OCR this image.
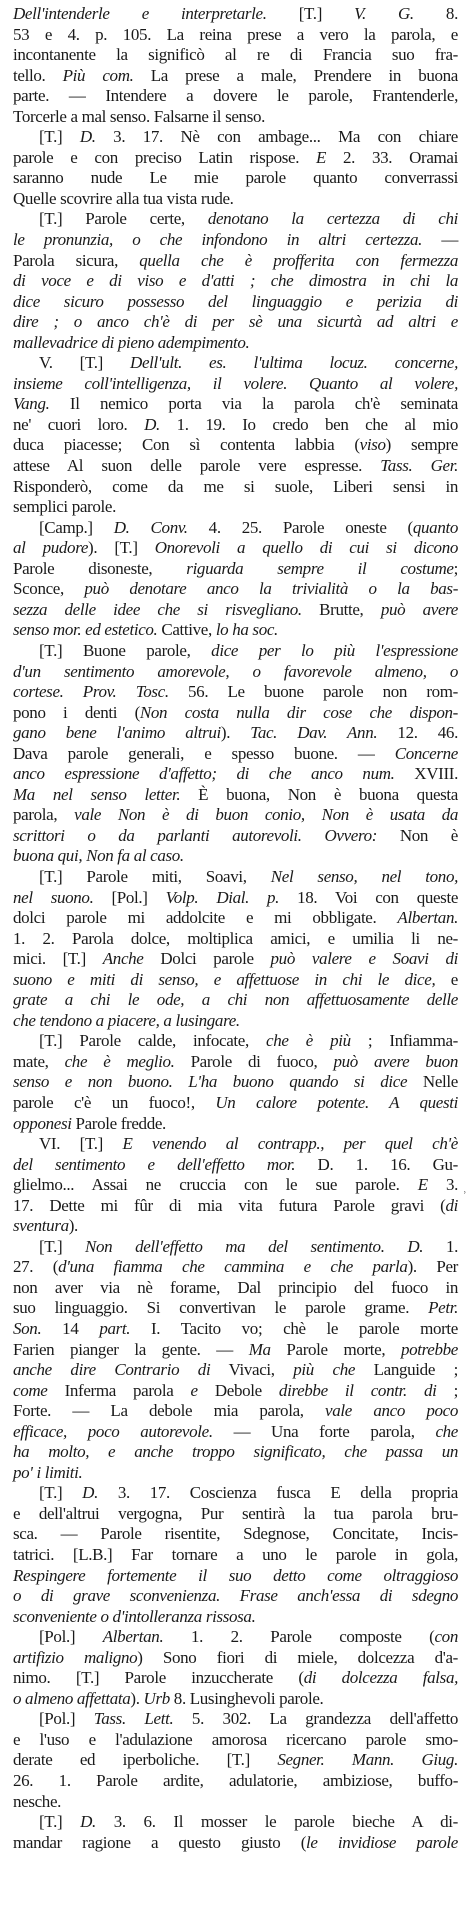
Dell'intenderle e interpretarle. [T.] V. G. 8.
53 e 4. p. 105. La reina prese a vero la parola, e
incontanente la significò al re di Francia suo fra-
tello. Più com. La prese a male, Prendere in buona
parte. — Intendere a dovere le parole, Frantenderle,
Torcerle a mal senso. Falsarne il senso.
[T.] D. 3. 17. Nè con ambage... Ma con chiare
parole e con preciso Latin rispose. E 2. 33. Oramai
saranno nude Le mie parole quanto converrassi
Quelle scovrire alla tua vista rude.
[T.] Parole certe, denotano la certezza di chi
le pronunzia, o che infondono in altri certezza. —
Parola sicura, quella che è profferita con fermezza
di voce e di viso e d'atti ; che dimostra in chi la
dice sicuro possesso del linguaggio e perizia di
dire ; o anco ch'è di per sè una sicurtà ad altri e
mallevadrice di pieno adempimento.
V. [T.] Dell'ult. es. l'ultima locuz. concerne,
insieme coll'intelligenza, il volere. Quanto al volere,
Vang. Il nemico porta via la parola ch'è seminata
ne' cuori loro. D. 1. 19. Io credo ben che al mio
duca piacesse; Con sì contenta labbia (viso) sempre
attese Al suon delle parole vere espresse. Tass. Ger.
Risponderò, come da me si suole, Liberi sensi in
semplici parole.
[Camp.] D. Conv. 4. 25. Parole oneste (quanto
al pudore). [T.] Onorevoli a quello di cui si dicono
Parole disoneste, riguarda sempre il costume;
Sconce, può denotare anco la trivialità o la bas-
sezza delle idee che si risvegliano. Brutte, può avere
senso mor. ed estetico. Cattive, lo ha soc.
[T.] Buone parole, dice per lo più l'espressione
d'un sentimento amorevole, o favorevole almeno, o
cortese. Prov. Tosc. 56. Le buone parole non rom-
pono i denti (Non costa nulla dir cose che dispon-
gano bene l'animo altrui). Tac. Dav. Ann. 12. 46.
Dava parole generali, e spesso buone. — Concerne
anco espressione d'affetto; di che anco num. XVIII.
Ma nel senso letter. È buona, Non è buona questa
parola, vale Non è di buon conio, Non è usata da
scrittori o da parlanti autorevoli. Ovvero: Non è
buona qui, Non fa al caso.
[T.] Parole miti, Soavi, Nel senso, nel tono,
nel suono. [Pol.] Volp. Dial. p. 18. Voi con queste
dolci parole mi addolcite e mi obbligate. Albertan.
1. 2. Parola dolce, moltiplica amici, e umilia li ne-
mici. [T.] Anche Dolci parole può valere e Soavi di
suono e miti di senso, e affettuose in chi le dice, e
grate a chi le ode, a chi non affettuosamente delle
che tendono a piacere, a lusingare.
[T.] Parole calde, infocate, che è più ; Infiamma-
mate, che è meglio. Parole di fuoco, può avere buon
senso e non buono. L'ha buono quando si dice Nelle
parole c'è un fuoco!, Un calore potente. A questi
opponesi Parole fredde.
VI. [T.] E venendo al contrapp., per quel ch'è
del sentimento e dell'effetto mor. D. 1. 16. Gu-
glielmo... Assai ne cruccia con le sue parole. E 3.
17. Dette mi fûr di mia vita futura Parole gravi (di
sventura).
[T.] Non dell'effetto ma del sentimento. D. 1.
27. (d'una fiamma che cammina e che parla). Per
non aver via nè forame, Dal principio del fuoco in
suo linguaggio. Si convertivan le parole grame. Petr.
Son. 14 part. I. Tacito vo; chè le parole morte
Farien pianger la gente. — Ma Parole morte, potrebbe
anche dire Contrario di Vivaci, più che Languide ;
come Inferma parola e Debole direbbe il contr. di ;
Forte. — La debole mia parola, vale anco poco
efficace, poco autorevole. — Una forte parola, che
ha molto, e anche troppo significato, che passa un
po' i limiti.
[T.] D. 3. 17. Coscienza fusca E della propria
e dell'altrui vergogna, Pur sentirà la tua parola bru-
sca. — Parole risentite, Sdegnose, Concitate, Incis-
tatrici. [L.B.] Far tornare a uno le parole in gola,
Respingere fortemente il suo detto come oltraggioso
o di grave sconvenienza. Frase anch'essa di sdegno
sconveniente o d'intolleranza rissosa.
[Pol.] Albertan. 1. 2. Parole composte (con
artifizio maligno) Sono fiori di miele, dolcezza d'a-
nimo. [T.] Parole inzuccherate (di dolcezza falsa,
o almeno affettata). Urb 8. Lusinghevoli parole.
[Pol.] Tass. Lett. 5. 302. La grandezza dell'affetto
e l'uso e l'adulazione amorosa ricercano parole smo-
derate ed iperboliche. [T.] Segner. Mann. Giug.
26. 1. Parole ardite, adulatorie, ambiziose, buffo-
nesche.
[T.] D. 3. 6. Il mosser le parole bieche A di-
mandar ragione a questo giusto (le invidiose parole
ʾ
